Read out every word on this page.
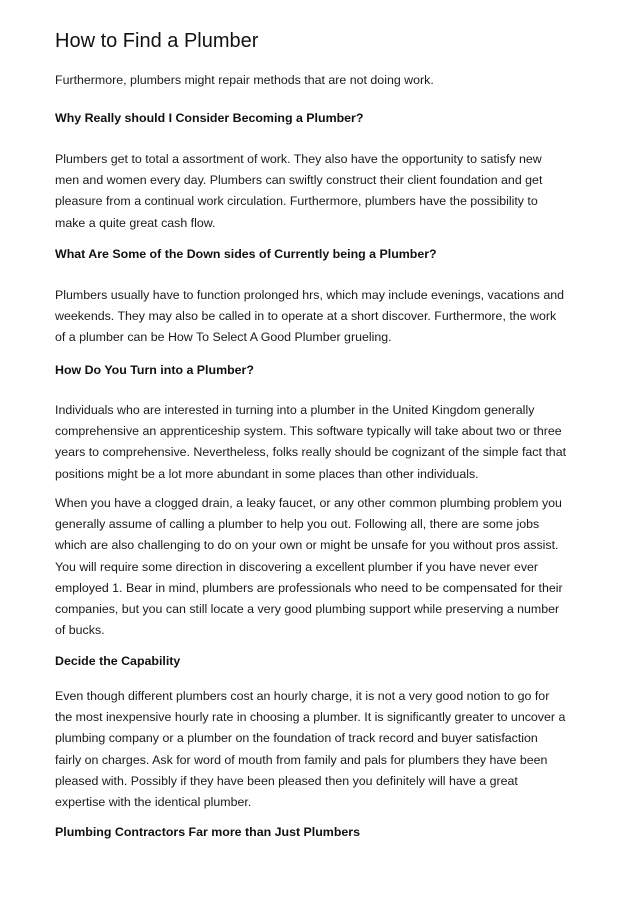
How to Find a Plumber
Furthermore, plumbers might repair methods that are not doing work.
Why Really should I Consider Becoming a Plumber?
Plumbers get to total a assortment of work. They also have the opportunity to satisfy new
men and women every day. Plumbers can swiftly construct their client foundation and get
pleasure from a continual work circulation. Furthermore, plumbers have the possibility to
make a quite great cash flow.
What Are Some of the Down sides of Currently being a Plumber?
Plumbers usually have to function prolonged hrs, which may include evenings, vacations and
weekends. They may also be called in to operate at a short discover. Furthermore, the work
of a plumber can be How To Select A Good Plumber grueling.
How Do You Turn into a Plumber?
Individuals who are interested in turning into a plumber in the United Kingdom generally
comprehensive an apprenticeship system. This software typically will take about two or three
years to comprehensive. Nevertheless, folks really should be cognizant of the simple fact that
positions might be a lot more abundant in some places than other individuals.
When you have a clogged drain, a leaky faucet, or any other common plumbing problem you
generally assume of calling a plumber to help you out. Following all, there are some jobs
which are also challenging to do on your own or might be unsafe for you without pros assist.
You will require some direction in discovering a excellent plumber if you have never ever
employed 1. Bear in mind, plumbers are professionals who need to be compensated for their
companies, but you can still locate a very good plumbing support while preserving a number
of bucks.
Decide the Capability
Even though different plumbers cost an hourly charge, it is not a very good notion to go for
the most inexpensive hourly rate in choosing a plumber. It is significantly greater to uncover a
plumbing company or a plumber on the foundation of track record and buyer satisfaction
fairly on charges. Ask for word of mouth from family and pals for plumbers they have been
pleased with. Possibly if they have been pleased then you definitely will have a great
expertise with the identical plumber.
Plumbing Contractors Far more than Just Plumbers
